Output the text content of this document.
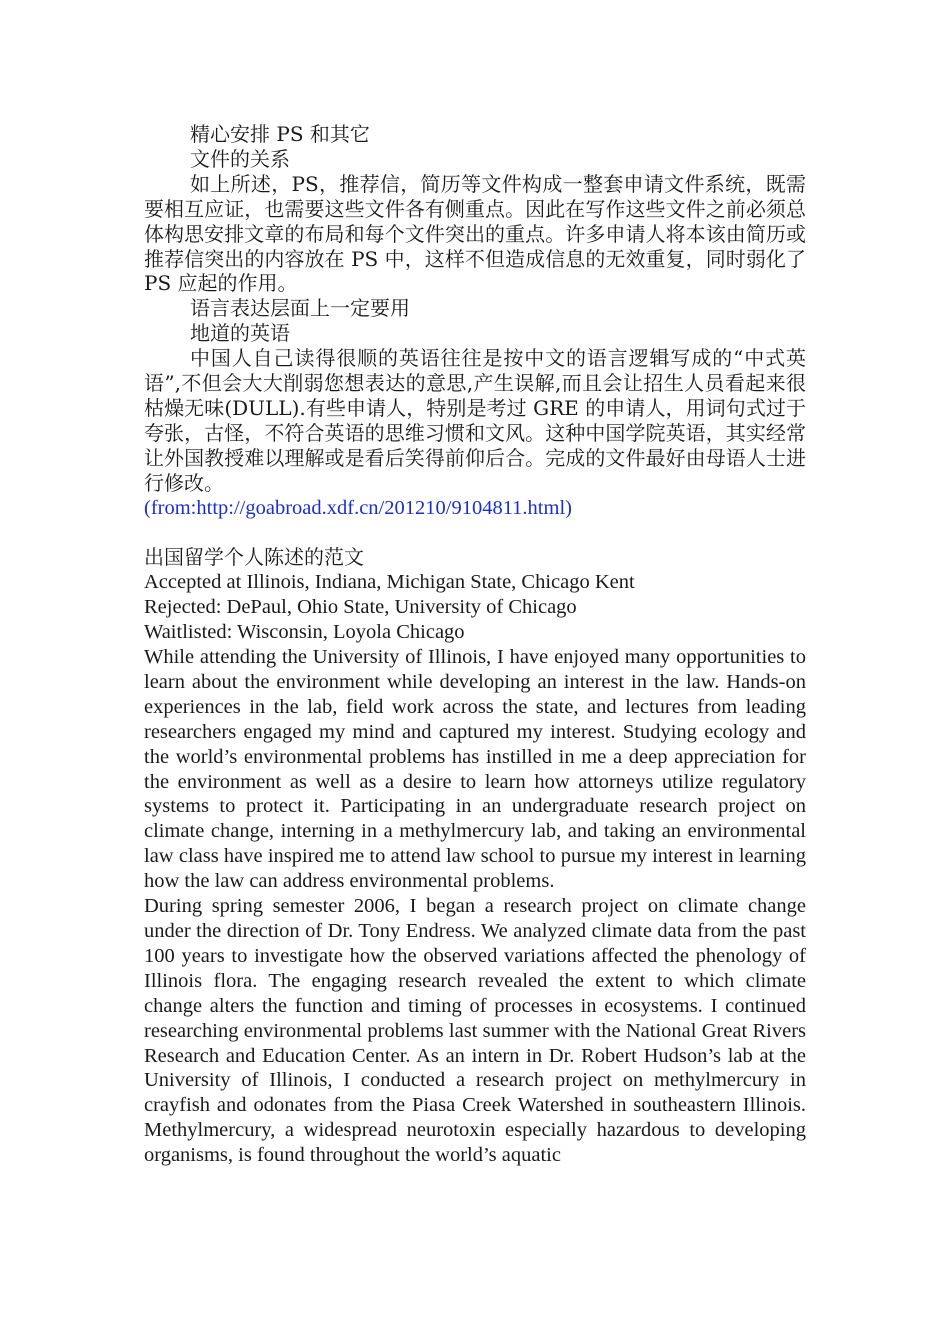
精心安排 PS 和其它
文件的关系
如上所述，PS，推荐信，简历等文件构成一整套申请文件系统，既需要相互应证，也需要这些文件各有侧重点。因此在写作这些文件之前必须总体构思安排文章的布局和每个文件突出的重点。许多申请人将本该由简历或推荐信突出的内容放在 PS 中，这样不但造成信息的无效重复，同时弱化了 PS 应起的作用。
语言表达层面上一定要用
地道的英语
中国人自己读得很顺的英语往往是按中文的语言逻辑写成的“中式英语”,不但会大大削弱您想表达的意思,产生误解,而且会让招生人员看起来很枯燥无味(DULL).有些申请人，特别是考过 GRE 的申请人，用词句式过于夸张，古怪，不符合英语的思维习惯和文风。这种中国学院英语，其实经常让外国教授难以理解或是看后笑得前仰后合。完成的文件最好由母语人士进行修改。
(from:http://goabroad.xdf.cn/201210/9104811.html)
出国留学个人陈述的范文
Accepted at Illinois, Indiana, Michigan State, Chicago Kent
Rejected: DePaul, Ohio State, University of Chicago
Waitlisted: Wisconsin, Loyola Chicago
While attending the University of Illinois, I have enjoyed many opportunities to learn about the environment while developing an interest in the law. Hands-on experiences in the lab, field work across the state, and lectures from leading researchers engaged my mind and captured my interest. Studying ecology and the world’s environmental problems has instilled in me a deep appreciation for the environment as well as a desire to learn how attorneys utilize regulatory systems to protect it. Participating in an undergraduate research project on climate change, interning in a methylmercury lab, and taking an environmental law class have inspired me to attend law school to pursue my interest in learning how the law can address environmental problems.
During spring semester 2006, I began a research project on climate change under the direction of Dr. Tony Endress. We analyzed climate data from the past 100 years to investigate how the observed variations affected the phenology of Illinois flora. The engaging research revealed the extent to which climate change alters the function and timing of processes in ecosystems. I continued researching environmental problems last summer with the National Great Rivers Research and Education Center. As an intern in Dr. Robert Hudson’s lab at the University of Illinois, I conducted a research project on methylmercury in crayfish and odonates from the Piasa Creek Watershed in southeastern Illinois. Methylmercury, a widespread neurotoxin especially hazardous to developing organisms, is found throughout the world’s aquatic
